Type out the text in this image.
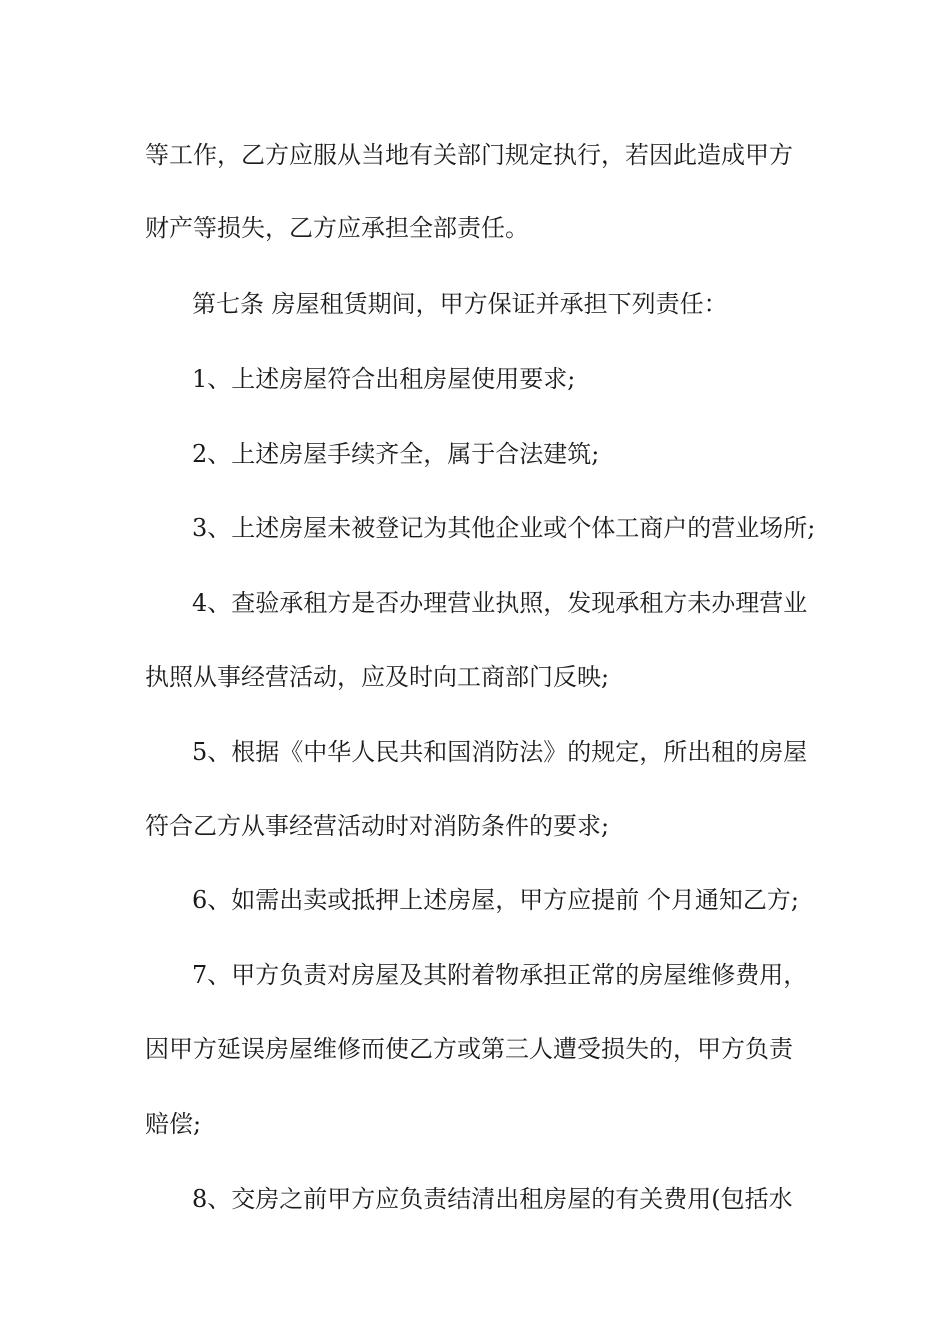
等工作，乙方应服从当地有关部门规定执行，若因此造成甲方
财产等损失，乙方应承担全部责任。
第七条 房屋租赁期间，甲方保证并承担下列责任：
1、上述房屋符合出租房屋使用要求;
2、上述房屋手续齐全，属于合法建筑;
3、上述房屋未被登记为其他企业或个体工商户的营业场所;
4、查验承租方是否办理营业执照，发现承租方未办理营业
执照从事经营活动，应及时向工商部门反映;
5、根据《中华人民共和国消防法》的规定，所出租的房屋
符合乙方从事经营活动时对消防条件的要求;
6、如需出卖或抵押上述房屋，甲方应提前 个月通知乙方;
7、甲方负责对房屋及其附着物承担正常的房屋维修费用，
因甲方延误房屋维修而使乙方或第三人遭受损失的，甲方负责
赔偿;
8、交房之前甲方应负责结清出租房屋的有关费用(包括水
